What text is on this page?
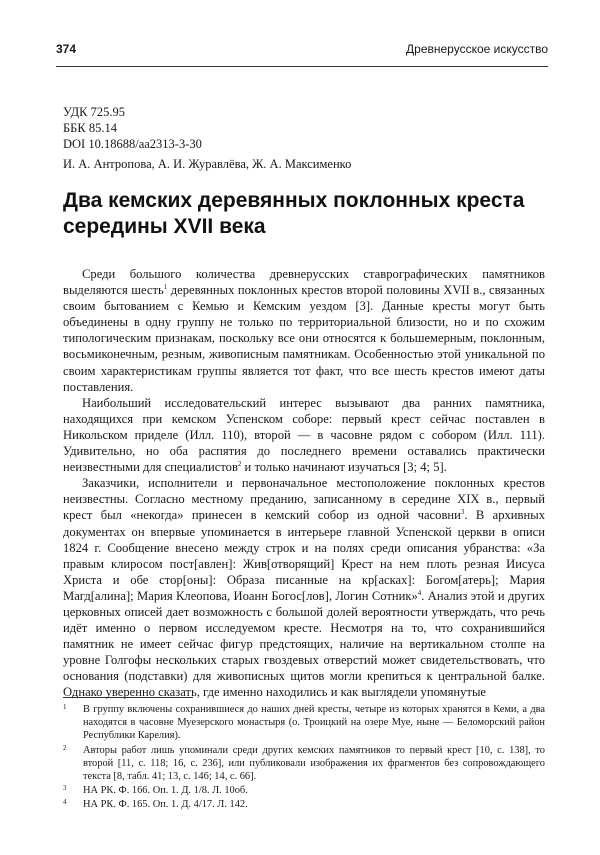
374	Древнерусское искусство
УДК 725.95
ББК 85.14
DOI 10.18688/aa2313-3-30
И. А. Антропова, А. И. Журавлёва, Ж. А. Максименко
Два кемских деревянных поклонных креста середины XVII века

Среди большого количества древнерусских ставрографических памятников выделяются шесть$^1$ деревянных поклонных крестов второй половины XVII в., связанных своим бытованием с Кемью и Кемским уездом [3]. Данные кресты могут быть объединены в одну группу не только по территориальной близости, но и по схожим типологическим признакам, поскольку все они относятся к большемерным, поклонным, восьмиконечным, резным, живописным памятникам. Особенностью этой уникальной по своим характеристикам группы является тот факт, что все шесть крестов имеют даты поставления.

Наибольший исследовательский интерес вызывают два ранних памятника, находящихся при кемском Успенском соборе: первый крест сейчас поставлен в Никольском приделе (Илл. 110), второй — в часовне рядом с собором (Илл. 111). Удивительно, но оба распятия до последнего времени оставались практически неизвестными для специалистов$^2$ и только начинают изучаться [3; 4; 5].

Заказчики, исполнители и первоначальное местоположение поклонных крестов неизвестны. Согласно местному преданию, записанному в середине XIX в., первый крест был «некогда» принесен в кемский собор из одной часовни$^3$. В архивных документах он впервые упоминается в интерьере главной Успенской церкви в описи 1824 г. Сообщение внесено между строк и на полях среди описания убранства: «За правым клиросом пост[авлен]: Жив[отворящий] Крест на нем плоть резная Иисуса Христа и обе стор[оны]: Образа писанные на кр[асках]: Богом[атерь]; Мария Магд[алина]; Мария Клеопова, Иоанн Богос[лов], Логин Сотник»$^4$. Анализ этой и других церковных описей дает возможность с большой долей вероятности утверждать, что речь идёт именно о первом исследуемом кресте. Несмотря на то, что сохранившийся памятник не имеет сейчас фигур предстоящих, наличие на вертикальном столпе на уровне Голгофы нескольких старых гвоздевых отверстий может свидетельствовать, что основания (подставки) для живописных щитов могли крепиться к центральной балке. Однако уверенно сказать, где именно находились и как выглядели упомянутые

1 В группу включены сохранившиеся до наших дней кресты, четыре из которых хранятся в Кеми, а два находятся в часовне Муезерского монастыря (о. Троицкий на озере Муе, ныне — Беломорский район Республики Карелия).
2 Авторы работ лишь упоминали среди других кемских памятников то первый крест [10, с. 138], то второй [11, с. 118; 16, с. 236], или публиковали изображения их фрагментов без сопровождающего текста [8, табл. 41; 13, с. 146; 14, с. 66].
3 НА РК. Ф. 166. Оп. 1. Д. 1/8. Л. 10об.
4 НА РК. Ф. 165. Оп. 1. Д. 4/17. Л. 142.
